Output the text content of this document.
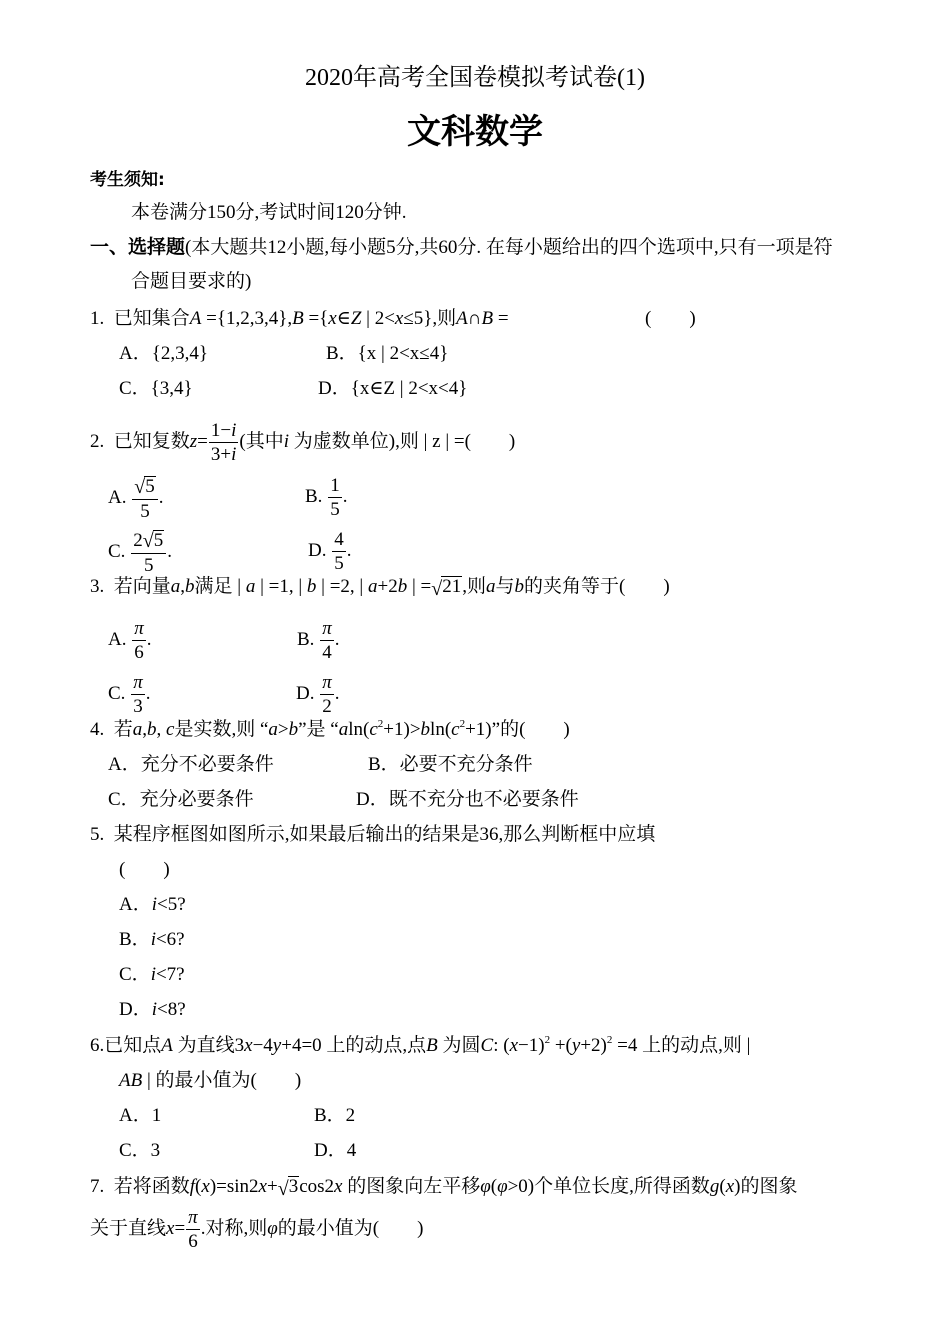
2020年高考全国卷模拟考试卷(1)
文科数学
考生须知:
本卷满分150分,考试时间120分钟.
一、选择题(本大题共12小题,每小题5分,共60分. 在每小题给出的四个选项中,只有一项是符
合题目要求的)
1. 已知集合A ={1,2,3,4},B ={x∈Z | 2<x≤5},则A∩B =	(　　)
A．{2,3,4}	B．{x | 2<x≤4}
C．{3,4}	D．{x∈Z | 2<x<4}
2. 已知复数$z= \frac{1-i}{3+i}$ (其中i 为虚数单位),则 | z | =(　　)
A. $\frac{√ 5}{5}$ .	B. $\frac{1}{5}$ .
C. $\frac{2 √ 5}{5}$ .	D. $\frac{4}{5}$ .
3.  若向量a,b满足 | a | =1, | b | =2, | a+2b | = √ 21,则a与b的夹角等于(　　)
A. $\frac{\pi}{6}$ .	B. $\frac{\pi}{4}$ .
C. $\frac{\pi}{3}$ .	D. $\frac{\pi}{2}$ .
4.  若a,b, c是实数,则 “a>b”是 “$aln(c^2+1)>bln(c^2+1)$”的(　　)
A．充分不必要条件	B．必要不充分条件
C．充分必要条件	D．既不充分也不必要条件
5. 某程序框图如图所示,如果最后输出的结果是36,那么判断框中应填
(　　)
A．i<5?
B．i<6?
C．i<7?
D．i<8?
6.已知点A 为直线3x−4y+4=0 上的动点,点B 为圆C: $(x-1)^2 +(y+2)^2 =4$ 上的动点,则 |
AB | 的最小值为(　　)
A．1	B．2
C．3	D．4
7.  若将函数f(x)=sin2x+ √ 3cos2x 的图象向左平移φ(φ>0)个单位长度,所得函数g(x)的图象
关于直线$x= \frac{\pi}{6}$ .对称,则φ的最小值为(　　)
